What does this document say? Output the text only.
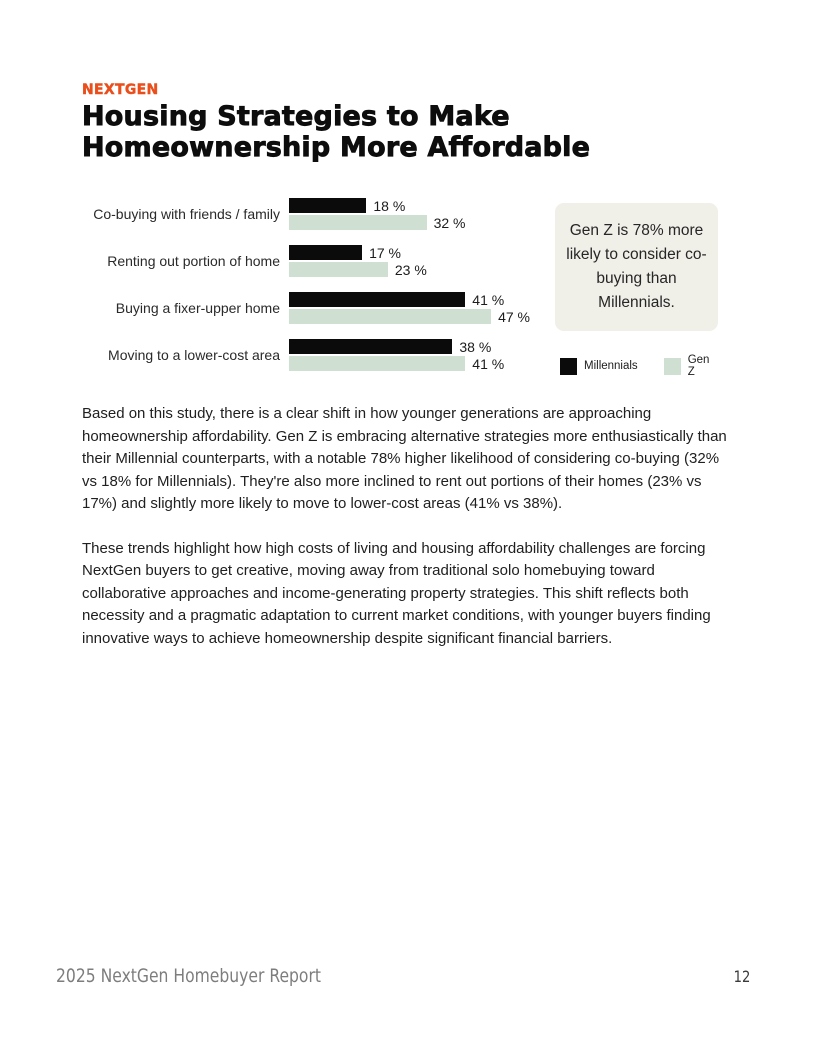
NEXTGEN
Housing Strategies to Make
Homeownership More Affordable
Co-buying with friends / family
18 %
32 %
Renting out portion of home
17 %
23 %
Buying a fixer-upper home
41 %
47 %
Moving to a lower-cost area
38 %
41 %
Gen Z is 78% more likely to consider co-buying than Millennials.
Millennials	Gen Z

Based on this study, there is a clear shift in how younger generations are approaching homeownership affordability. Gen Z is embracing alternative strategies more enthusiastically than their Millennial counterparts, with a notable 78% higher likelihood of considering co-buying (32% vs 18% for Millennials). They're also more inclined to rent out portions of their homes (23% vs 17%) and slightly more likely to move to lower-cost areas (41% vs 38%).

These trends highlight how high costs of living and housing affordability challenges are forcing NextGen buyers to get creative, moving away from traditional solo homebuying toward collaborative approaches and income-generating property strategies. This shift reflects both necessity and a pragmatic adaptation to current market conditions, with younger buyers finding innovative ways to achieve homeownership despite significant financial barriers.

2025 NextGen Homebuyer Report	12
